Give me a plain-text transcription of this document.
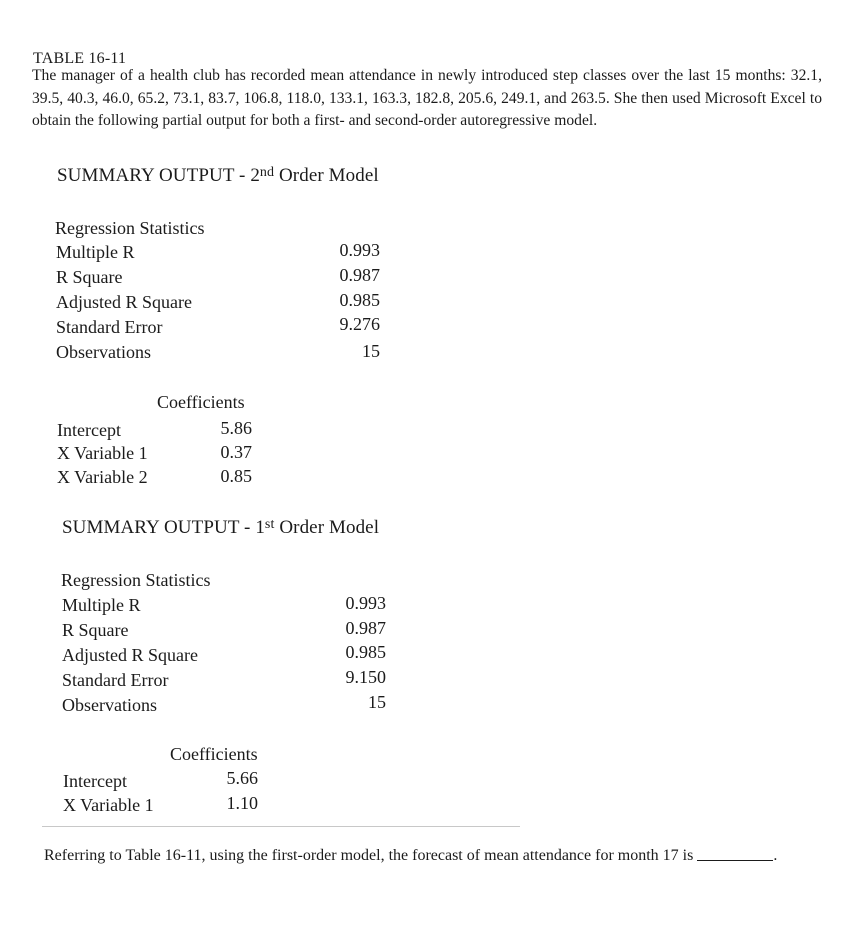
TABLE 16-11
The manager of a health club has recorded mean attendance in newly introduced step classes over the last 15 months: 32.1, 39.5, 40.3, 46.0, 65.2, 73.1, 83.7, 106.8, 118.0, 133.1, 163.3, 182.8, 205.6, 249.1, and 263.5. She then used Microsoft Excel to obtain the following partial output for both a first- and second-order autoregressive model.
SUMMARY OUTPUT - 2nd Order Model
Regression Statistics
Multiple R
R Square
Adjusted R Square
Standard Error
Observations
0.993
0.987
0.985
9.276
15
Coefficients
Intercept
X Variable 1
X Variable 2
5.86
0.37
0.85
SUMMARY OUTPUT - 1st Order Model
Regression Statistics
Multiple R
R Square
Adjusted R Square
Standard Error
Observations
0.993
0.987
0.985
9.150
15
Coefficients
Intercept
X Variable 1
5.66
1.10
Referring to Table 16-11, using the first-order model, the forecast of mean attendance for month 17 is	.
